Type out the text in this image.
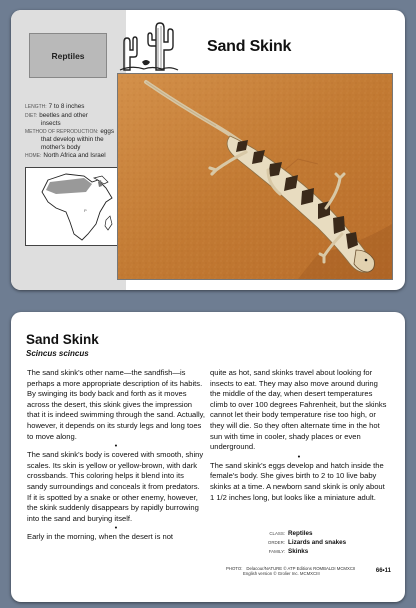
Reptiles
LENGTH: 7 to 8 inches
DIET: beetles and other
insects
METHOD OF REPRODUCTION: eggs
that develop within the
mother's body
HOME: North Africa and Israel
P
Sand Skink
Sand Skink
Scincus scincus

The sand skink's other name—the sandfish—is perhaps a more appropriate description of its habits. By swinging its body back and forth as it moves across the desert, this skink gives the impression that it is indeed swimming through the sand. Actually, however, it depends on its sturdy legs and long toes to move along.

•

The sand skink's body is covered with smooth, shiny scales. Its skin is yellow or yellow-brown, with dark crossbands. This coloring helps it blend into its sandy surroundings and conceals it from predators. If it is spotted by a snake or other enemy, however, the skink suddenly disappears by rapidly burrowing into the sand and burying itself.

•

Early in the morning, when the desert is not

quite as hot, sand skinks travel about looking for insects to eat. They may also move around during the middle of the day, when desert temperatures climb to over 100 degrees Fahrenheit, but the skinks cannot let their body temperature rise too high, or they will die. So they often alternate time in the hot sun with time in cooler, shady places or even underground.

•

The sand skink's eggs develop and hatch inside the female's body. She gives birth to 2 to 10 live baby skinks at a time. A newborn sand skink is only about 1 1/2 inches long, but looks like a miniature adult.

CLASS: Reptiles
ORDER: Lizards and snakes
FAMILY: Skinks
PHOTO: Delacour/NATURE © ATP Editions ROMBALDI MCMXCII
English version © Grolier Inc. MCMXCIII	66•11
